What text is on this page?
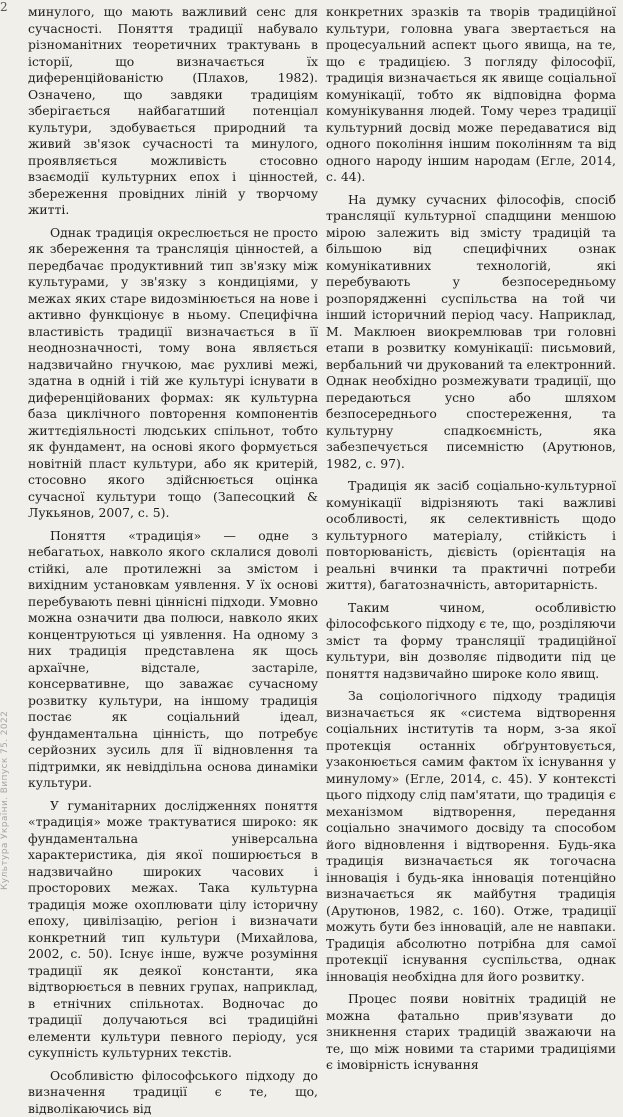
2
Культура України. Випуск 75. 2022

минулого, що мають важливий сенс для сучасності. Поняття традиції набувало різноманітних теоретичних трактувань в історії, що визначається їх диференційованістю (Плахов, 1982). Означено, що завдяки традиціям зберігається найбагатший потенціал культури, здобувається природний та живий зв'язок сучасності та минулого, проявляється можливість стосовно взаємодії культурних епох і цінностей, збереження провідних ліній у творчому житті.

Однак традиція окреслюється не просто як збереження та трансляція цінностей, а передбачає продуктивний тип зв'язку між культурами, у зв'язку з кондиціями, у межах яких старе видозмінюється на нове і активно функціонує в ньому. Специфічна властивість традиції визначається в її неоднозначності, тому вона являється надзвичайно гнучкою, має рухливі межі, здатна в одній і тій же культурі існувати в диференційованих формах: як культурна база циклічного повторення компонентів життєдіяльності людських спільнот, тобто як фундамент, на основі якого формується новітній пласт культури, або як критерій, стосовно якого здійснюється оцінка сучасної культури тощо (Запесоцкий & Лукьянов, 2007, с. 5).

Поняття «традиція» — одне з небагатьох, навколо якого склалися доволі стійкі, але протилежні за змістом і вихідним установкам уявлення. У їх основі перебувають певні ціннісні підходи. Умовно можна означити два полюси, навколо яких концентруються ці уявлення. На одному з них традиція представлена як щось архаїчне, відстале, застаріле, консервативне, що заважає сучасному розвитку культури, на іншому традиція постає як соціальний ідеал, фундаментальна цінність, що потребує серйозних зусиль для її відновлення та підтримки, як невіддільна основа динаміки культури.

У гуманітарних дослідженнях поняття «традиція» може трактуватися широко: як фундаментальна універсальна характеристика, дія якої поширюється в надзвичайно широких часових і просторових межах. Така культурна традиція може охоплювати цілу історичну епоху, цивілізацію, регіон і визначати конкретний тип культури (Михайлова, 2002, с. 50). Існує інше, вужче розуміння традиції як деякої константи, яка відтворюється в певних групах, наприклад, в етнічних спільнотах. Водночас до традиції долучаються всі традиційні елементи культури певного періоду, уся сукупність культурних текстів.

Особливістю філософського підходу до визначення традиції є те, що, відволікаючись від

конкретних зразків та творів традиційної культури, головна увага звертається на процесуальний аспект цього явища, на те, що є традицією. З погляду філософії, традиція визначається як явище соціальної комунікації, тобто як відповідна форма комунікування людей. Тому через традиції культурний досвід може передаватися від одного покоління іншим поколінням та від одного народу іншим народам (Егле, 2014, с. 44).

На думку сучасних філософів, спосіб трансляції культурної спадщини меншою мірою залежить від змісту традицій та більшою від специфічних ознак комунікативних технологій, які перебувають у безпосередньому розпорядженні суспільства на той чи інший історичний період часу. Наприклад, М. Маклюен виокремлював три головні етапи в розвитку комунікації: письмовий, вербальний чи друкований та електронний. Однак необхідно розмежувати традиції, що передаються усно або шляхом безпосереднього спостереження, та культурну спадкоємність, яка забезпечується писемністю (Арутюнов, 1982, с. 97).

Традиція як засіб соціально-культурної комунікації відрізняють такі важливі особливості, як селективність щодо культурного матеріалу, стійкість і повторюваність, дієвість (орієнтація на реальні вчинки та практичні потреби життя), багатозначність, авторитарність.

Таким чином, особливістю філософського підходу є те, що, розділяючи зміст та форму трансляції традиційної культури, він дозволяє підводити під це поняття надзвичайно широке коло явищ.

За соціологічного підходу традиція визначається як «система відтворення соціальних інститутів та норм, з-за якої протекція останніх обґрунтовується, узаконюється самим фактом їх існування у минулому» (Егле, 2014, с. 45). У контексті цього підходу слід пам'ятати, що традиція є механізмом відтворення, передання соціально значимого досвіду та способом його відновлення і відтворення. Будь-яка традиція визначається як тогочасна інновація і будь-яка інновація потенційно визначається як майбутня традиція (Арутюнов, 1982, с. 160). Отже, традиції можуть бути без інновацій, але не навпаки. Традиція абсолютно потрібна для самої протекції існування суспільства, однак інновація необхідна для його розвитку.

Процес появи новітніх традицій не можна фатально прив'язувати до зникнення старих традицій зважаючи на те, що між новими та старими традиціями є імовірність існування
